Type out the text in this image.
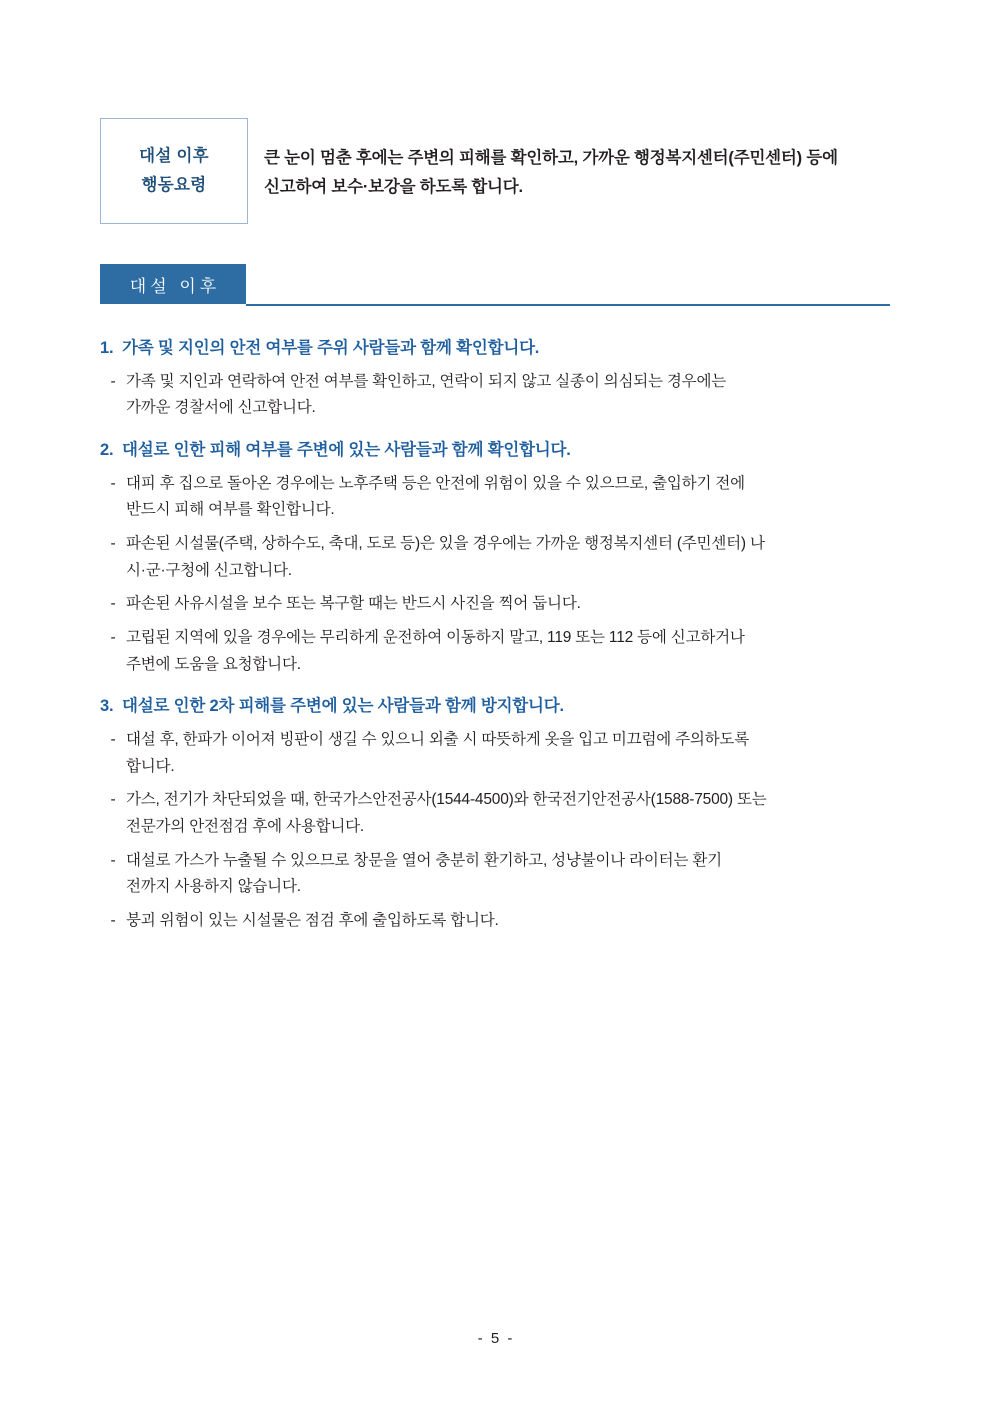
대설 이후
행동요령
큰 눈이 멈춘 후에는 주변의 피해를 확인하고, 가까운 행정복지센터(주민센터) 등에
신고하여 보수·보강을 하도록 합니다.
대설 이후
1. 가족 및 지인의 안전 여부를 주위 사람들과 함께 확인합니다.
- 가족 및 지인과 연락하여 안전 여부를 확인하고, 연락이 되지 않고 실종이 의심되는 경우에는
가까운 경찰서에 신고합니다.
2. 대설로 인한 피해 여부를 주변에 있는 사람들과 함께 확인합니다.
- 대피 후 집으로 돌아온 경우에는 노후주택 등은 안전에 위험이 있을 수 있으므로, 출입하기 전에
반드시 피해 여부를 확인합니다.
- 파손된 시설물(주택, 상하수도, 축대, 도로 등)은 있을 경우에는 가까운 행정복지센터 (주민센터) 나
시·군·구청에 신고합니다.
- 파손된 사유시설을 보수 또는 복구할 때는 반드시 사진을 찍어 둡니다.
- 고립된 지역에 있을 경우에는 무리하게 운전하여 이동하지 말고, 119 또는 112 등에 신고하거나
주변에 도움을 요청합니다.
3. 대설로 인한 2차 피해를 주변에 있는 사람들과 함께 방지합니다.
- 대설 후, 한파가 이어져 빙판이 생길 수 있으니 외출 시 따뜻하게 옷을 입고 미끄럼에 주의하도록
합니다.
- 가스, 전기가 차단되었을 때, 한국가스안전공사(1544-4500)와 한국전기안전공사(1588-7500) 또는
전문가의 안전점검 후에 사용합니다.
- 대설로 가스가 누출될 수 있으므로 창문을 열어 충분히 환기하고, 성냥불이나 라이터는 환기
전까지 사용하지 않습니다.
- 붕괴 위험이 있는 시설물은 점검 후에 출입하도록 합니다.
- 5 -
